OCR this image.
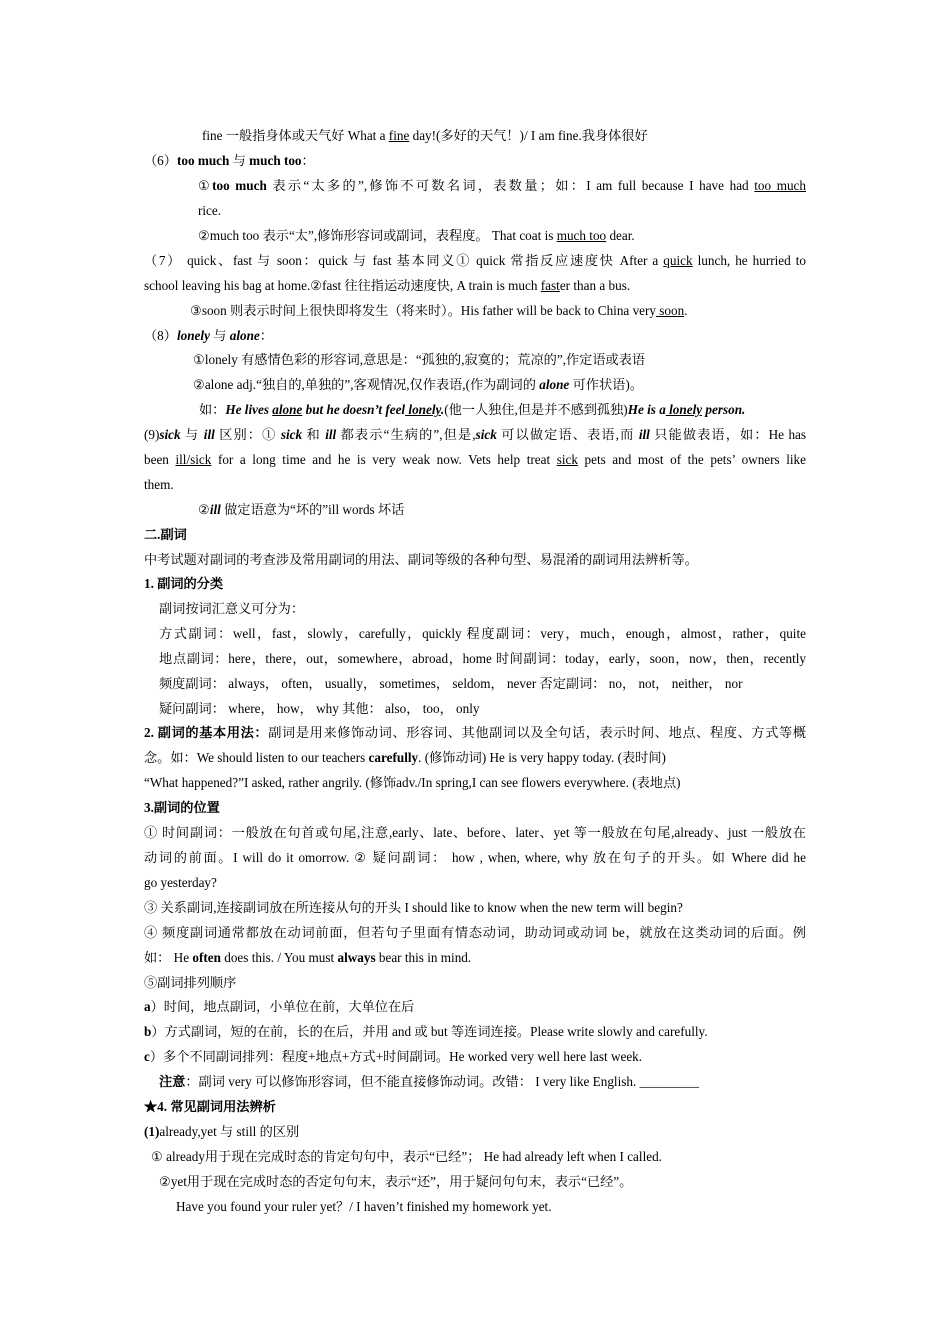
fine 一般指身体或天气好 What a fine day!(多好的天气！)/ I am fine.我身体很好
（6）too much 与 much too：
①too much 表示“太多的”,修饰不可数名词，表数量；如：I am full because I have had too much
rice.
②much too 表示“太”,修饰形容词或副词，表程度。 That coat is much too dear.
（7） quick、fast 与 soon：quick 与 fast 基本同义① quick 常指反应速度快 After a quick lunch, he hurried to
school leaving his bag at home.②fast 往往指运动速度快, A train is much faster than a bus.
③soon 则表示时间上很快即将发生（将来时）。His father will be back to China very soon.
（8）lonely 与 alone：
①lonely 有感情色彩的形容词,意思是：“孤独的,寂寞的；荒凉的”,作定语或表语
②alone adj.“独自的,单独的”,客观情况,仅作表语,(作为副词的 alone 可作状语)。
如：He lives alone but he doesn’t feel lonely.(他一人独住,但是并不感到孤独)He is a lonely person.
(9)sick 与 ill 区别：① sick 和 ill 都表示“生病的”,但是,sick 可以做定语、表语,而 ill 只能做表语，如：He has
been ill/sick for a long time and he is very weak now. Vets help treat sick pets and most of the pets’ owners like
them.
②ill 做定语意为“坏的”ill words 坏话
二.副词
中考试题对副词的考查涉及常用副词的用法、副词等级的各种句型、易混淆的副词用法辨析等。
1. 副词的分类
副词按词汇意义可分为：
方式副词：well，fast，slowly，carefully，quickly 程度副词：very，much，enough，almost，rather，quite
地点副词：here，there，out，somewhere，abroad，home 时间副词：today，early，soon，now，then，recently
频度副词： always， often， usually， sometimes， seldom， never 否定副词： no， not， neither， nor
疑问副词： where， how， why 其他： also， too， only
2. 副词的基本用法：副词是用来修饰动词、形容词、其他副词以及全句话，表示时间、地点、程度、方式等概
念。如：We should listen to our teachers carefully. (修饰动词) He is very happy today. (表时间)
“What happened?”I asked, rather angrily. (修饰adv./In spring,I can see flowers everywhere. (表地点)
3.副词的位置
① 时间副词：一般放在句首或句尾,注意,early、late、before、later、yet 等一般放在句尾,already、just 一般放在
动词的前面。I will do it omorrow. ② 疑问副词： how , when, where, why 放在句子的开头。如 Where did he
go yesterday?
③ 关系副词,连接副词放在所连接从句的开头 I should like to know when the new term will begin?
④ 频度副词通常都放在动词前面，但若句子里面有情态动词，助动词或动词 be，就放在这类动词的后面。例
如： He often does this. / You must always bear this in mind.
⑤副词排列顺序
a）时间，地点副词，小单位在前，大单位在后
b）方式副词，短的在前，长的在后，并用 and 或 but 等连词连接。Please write slowly and carefully.
c）多个不同副词排列：程度+地点+方式+时间副词。He worked very well here last week.
注意：副词 very 可以修饰形容词，但不能直接修饰动词。改错： I very like English. _________
★4. 常见副词用法辨析
(1)already,yet 与 still 的区别
① already用于现在完成时态的肯定句句中，表示“已经”； He had already left when I called.
②yet用于现在完成时态的否定句句末，表示“还”，用于疑问句句末，表示“已经”。
Have you found your ruler yet？/ I haven’t finished my homework yet.
